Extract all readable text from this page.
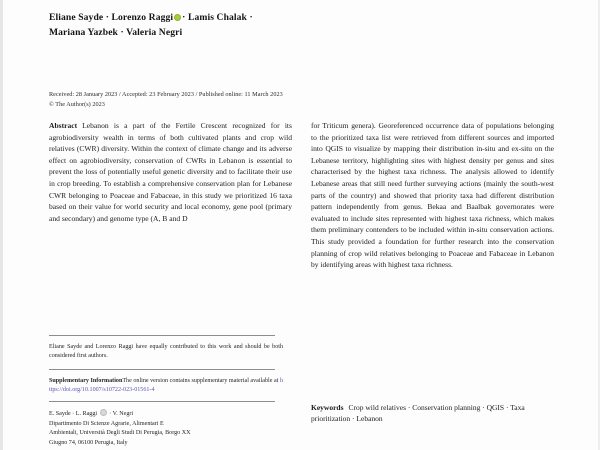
Eliane Sayde · Lorenzo Raggi · Lamis Chalak ·
Mariana Yazbek · Valeria Negri
Received: 28 January 2023 / Accepted: 23 February 2023 / Published online: 11 March 2023
© The Author(s) 2023
Abstract Lebanon is a part of the Fertile Crescent recognized for its agrobiodiversity wealth in terms of both cultivated plants and crop wild relatives (CWR) diversity. Within the context of climate change and its adverse effect on agrobiodiversity, conservation of CWRs in Lebanon is essential to prevent the loss of potentially useful genetic diversity and to facilitate their use in crop breeding. To establish a comprehensive conservation plan for Lebanese CWR belonging to Poaceae and Fabaceae, in this study we prioritized 16 taxa based on their value for world security and local economy, gene pool (primary and secondary) and genome type (A, B and D
Eliane Sayde and Lorenzo Raggi have equally contributed to this work and should be both considered first authors.
Supplementary InformationThe online version contains supplementary material available at https://doi.org/10.1007/s10722-023-01561-4
E. Sayde · L. Raggi · V. Negri
Dipartimento Di Scienze Agrarie, Alimentari E
Ambientali, Università Degli Studi Di Perugia, Borgo XX
Giugno 74, 06100 Perugia, Italy
for Triticum genera). Georeferenced occurrence data of populations belonging to the prioritized taxa list were retrieved from different sources and imported into QGIS to visualize by mapping their distribution in-situ and ex-situ on the Lebanese territory, highlighting sites with highest density per genus and sites characterised by the highest taxa richness. The analysis allowed to identify Lebanese areas that still need further surveying actions (mainly the south-west parts of the country) and showed that priority taxa had different distribution pattern independently from genus. Bekaa and Baalbak governorates were evaluated to include sites represented with highest taxa richness, which makes them preliminary contenders to be included within in-situ conservation actions. This study provided a foundation for further research into the conservation planning of crop wild relatives belonging to Poaceae and Fabaceae in Lebanon by identifying areas with highest taxa richness.
Keywords Crop wild relatives · Conservation planning · QGIS · Taxa prioritization · Lebanon
